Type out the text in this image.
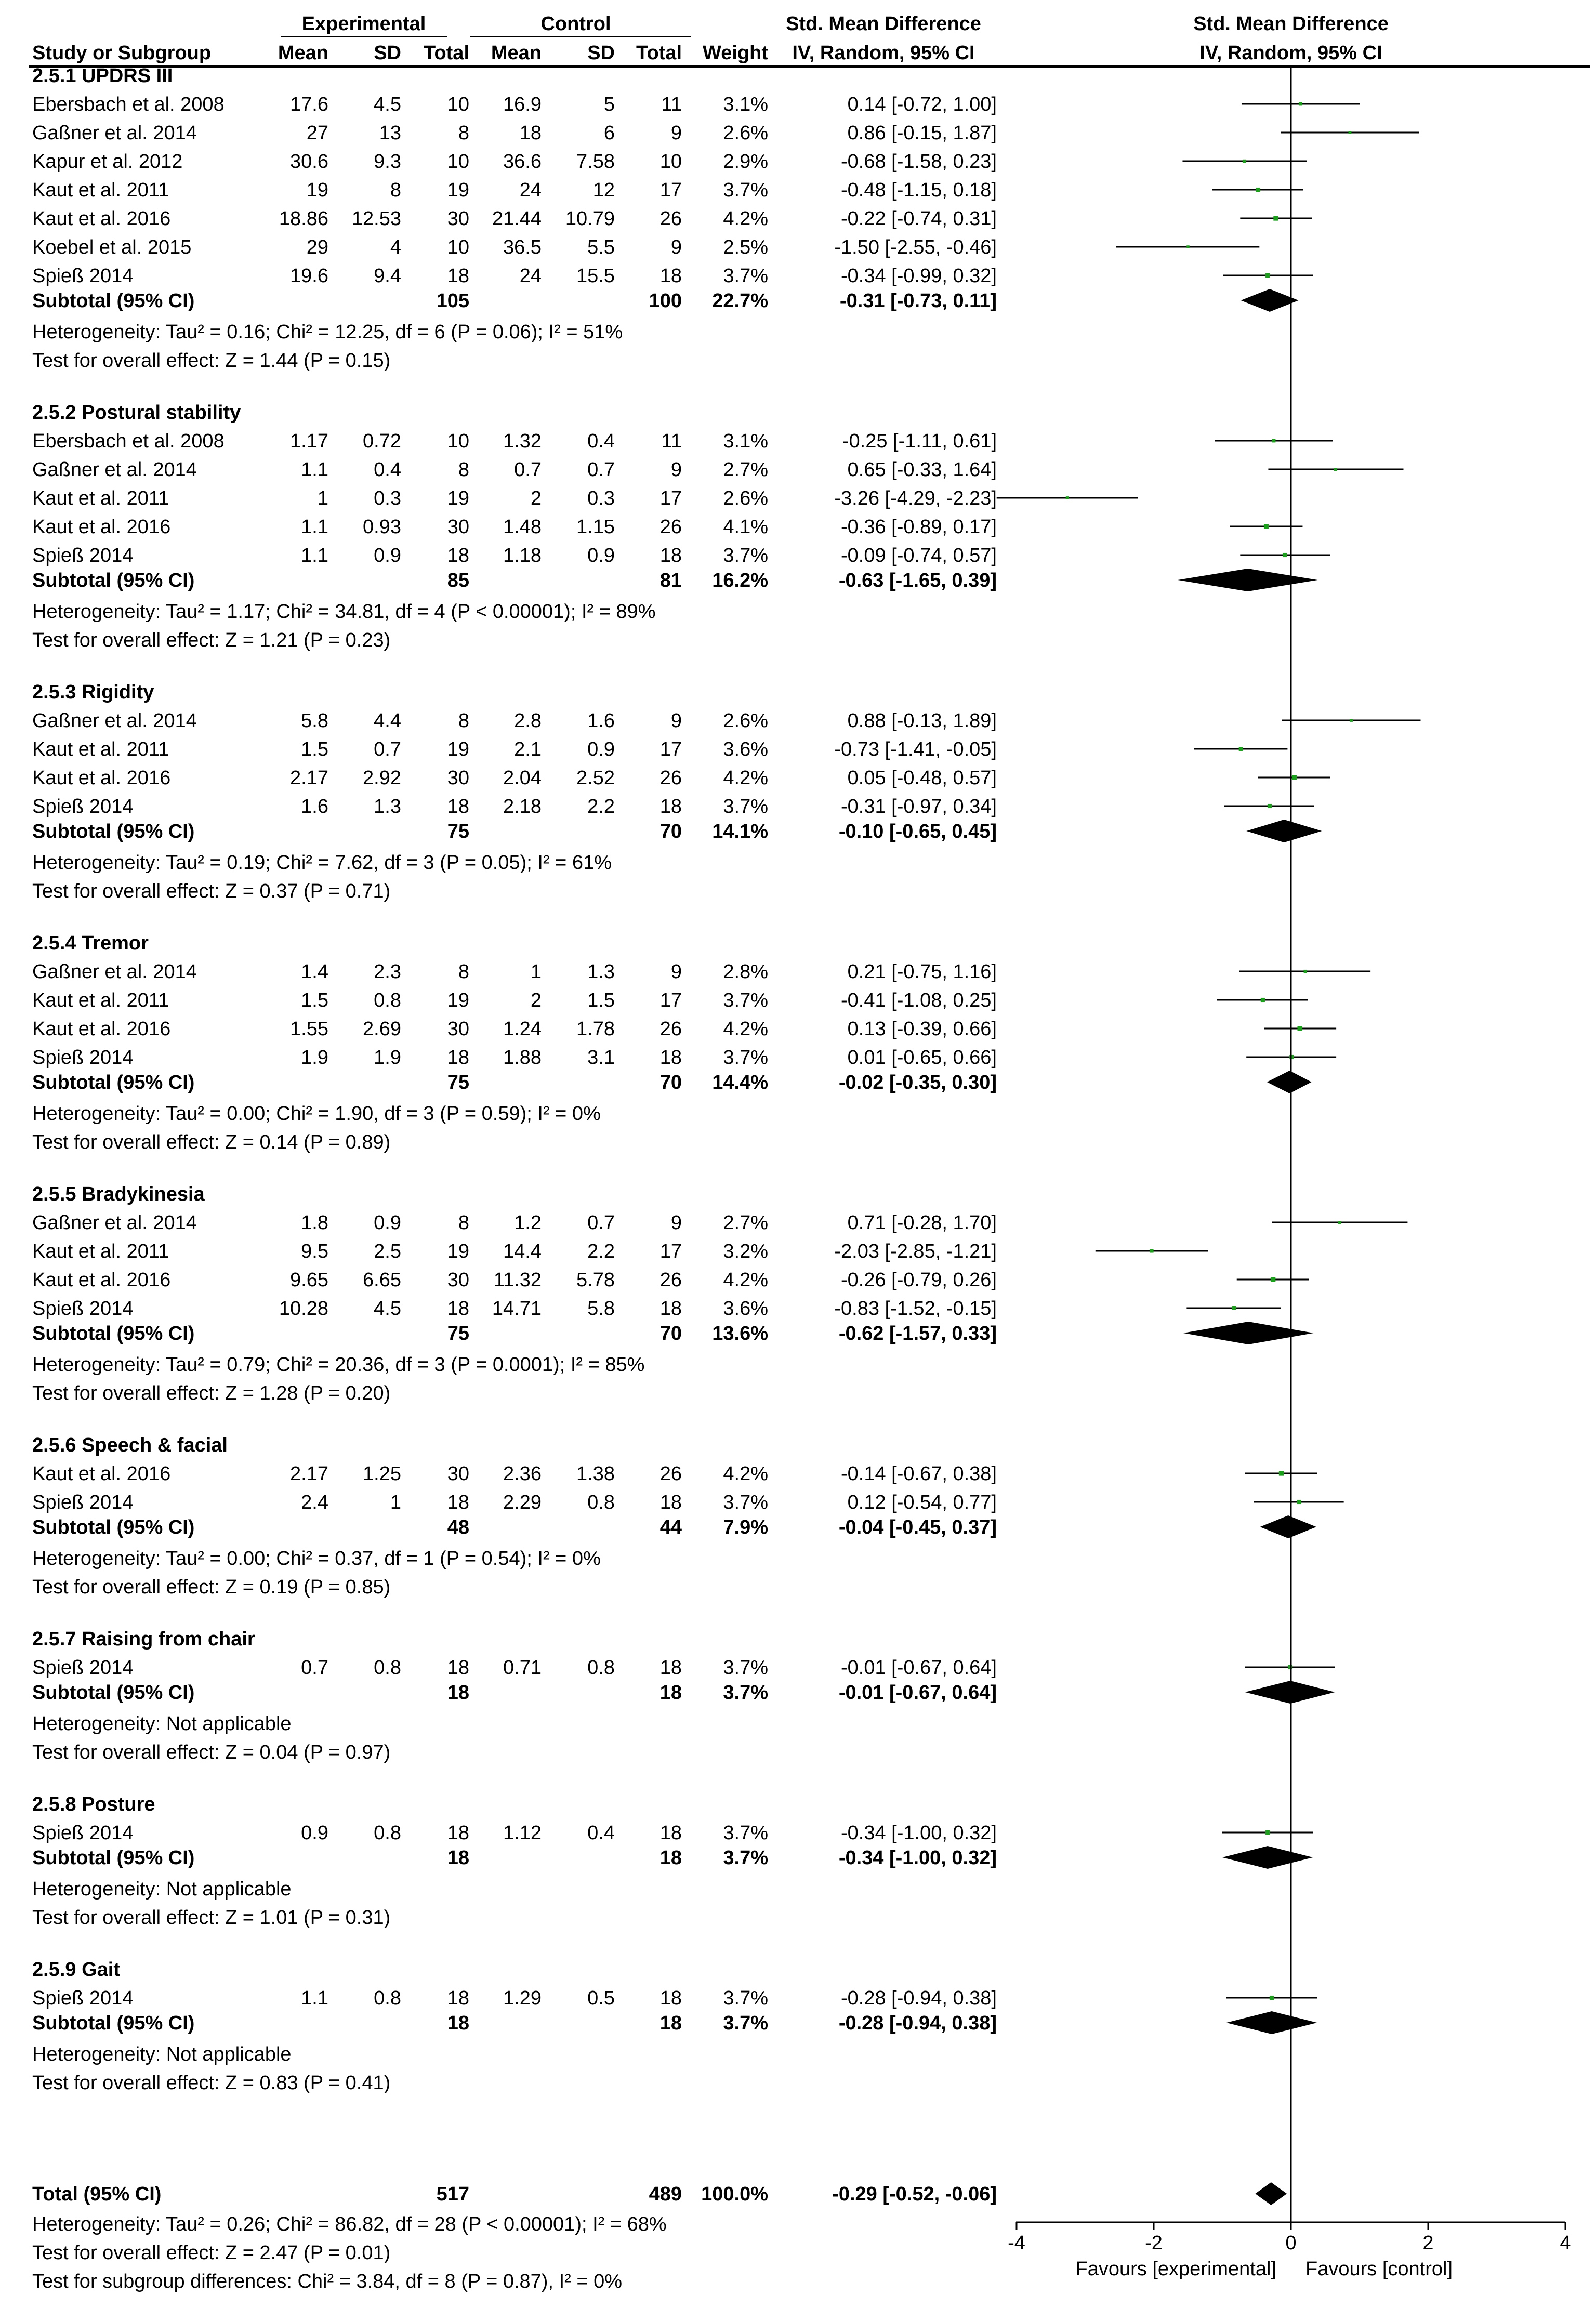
Experimental	Control	Std. Mean Difference	Std. Mean Difference
Study or Subgroup	Mean SD Total Mean SD Total Weight IV, Random, 95% CI	IV, Random, 95% CI
2.5.1 UPDRS III
Ebersbach et al. 2008	17.6 4.5 10 16.9	5 11 3.1%	0.14 [-0.72, 1.00]
Gaßner et al. 2014	27	13	8	18	6	9 2.6%	0.86 [-0.15, 1.87]
Kapur et al. 2012	30.6 9.3 10 36.6 7.58 10 2.9%	-0.68 [-1.58, 0.23]
Kaut et al. 2011	19	8 19	24	12 17 3.7%	-0.48 [-1.15, 0.18]
Kaut et al. 2016	18.86 12.53 30 21.44 10.79 26 4.2%	-0.22 [-0.74, 0.31]
Koebel et al. 2015	29	4 10 36.5 5.5	9 2.5%	-1.50 [-2.55, -0.46]
Spieß 2014	19.6 9.4 18	24 15.5 18 3.7%	-0.34 [-0.99, 0.32]
Subtotal (95% CI)	105	100 22.7%	-0.31 [-0.73, 0.11]
Heterogeneity: Tau² = 0.16; Chi² = 12.25, df = 6 (P = 0.06); I² = 51%
Test for overall effect: Z = 1.44 (P = 0.15)
2.5.2 Postural stability
Ebersbach et al. 2008	1.17 0.72 10 1.32 0.4 11 3.1%	-0.25 [-1.11, 0.61]
Gaßner et al. 2014	1.1 0.4	8 0.7 0.7	9 2.7%	0.65 [-0.33, 1.64]
Kaut et al. 2011	1 0.3 19	2 0.3 17 2.6%	-3.26 [-4.29, -2.23]
Kaut et al. 2016	1.1 0.93 30 1.48 1.15 26 4.1%	-0.36 [-0.89, 0.17]
Spieß 2014	1.1 0.9 18 1.18 0.9 18 3.7%	-0.09 [-0.74, 0.57]
Subtotal (95% CI)	85	81 16.2%	-0.63 [-1.65, 0.39]
Heterogeneity: Tau² = 1.17; Chi² = 34.81, df = 4 (P < 0.00001); I² = 89%
Test for overall effect: Z = 1.21 (P = 0.23)
2.5.3 Rigidity
Gaßner et al. 2014	5.8 4.4	8 2.8 1.6	9 2.6%	0.88 [-0.13, 1.89]
Kaut et al. 2011	1.5 0.7 19 2.1 0.9 17 3.6%	-0.73 [-1.41, -0.05]
Kaut et al. 2016	2.17 2.92 30 2.04 2.52 26 4.2%	0.05 [-0.48, 0.57]
Spieß 2014	1.6 1.3 18 2.18 2.2 18 3.7%	-0.31 [-0.97, 0.34]
Subtotal (95% CI)	75	70 14.1%	-0.10 [-0.65, 0.45]
Heterogeneity: Tau² = 0.19; Chi² = 7.62, df = 3 (P = 0.05); I² = 61%
Test for overall effect: Z = 0.37 (P = 0.71)
2.5.4 Tremor
Gaßner et al. 2014	1.4 2.3	8	1 1.3	9 2.8%	0.21 [-0.75, 1.16]
Kaut et al. 2011	1.5 0.8 19	2 1.5 17 3.7%	-0.41 [-1.08, 0.25]
Kaut et al. 2016	1.55 2.69 30 1.24 1.78 26 4.2%	0.13 [-0.39, 0.66]
Spieß 2014	1.9 1.9 18 1.88 3.1 18 3.7%	0.01 [-0.65, 0.66]
Subtotal (95% CI)	75	70 14.4%	-0.02 [-0.35, 0.30]
Heterogeneity: Tau² = 0.00; Chi² = 1.90, df = 3 (P = 0.59); I² = 0%
Test for overall effect: Z = 0.14 (P = 0.89)
2.5.5 Bradykinesia
Gaßner et al. 2014	1.8 0.9	8 1.2 0.7	9 2.7%	0.71 [-0.28, 1.70]
Kaut et al. 2011	9.5 2.5 19 14.4 2.2 17 3.2%	-2.03 [-2.85, -1.21]
Kaut et al. 2016	9.65 6.65 30 11.32 5.78 26 4.2%	-0.26 [-0.79, 0.26]
Spieß 2014	10.28 4.5 18 14.71 5.8 18 3.6%	-0.83 [-1.52, -0.15]
Subtotal (95% CI)	75	70 13.6%	-0.62 [-1.57, 0.33]
Heterogeneity: Tau² = 0.79; Chi² = 20.36, df = 3 (P = 0.0001); I² = 85%
Test for overall effect: Z = 1.28 (P = 0.20)
2.5.6 Speech & facial
Kaut et al. 2016	2.17 1.25 30 2.36 1.38 26 4.2%	-0.14 [-0.67, 0.38]
Spieß 2014	2.4	1 18 2.29 0.8 18 3.7%	0.12 [-0.54, 0.77]
Subtotal (95% CI)	48	44 7.9%	-0.04 [-0.45, 0.37]
Heterogeneity: Tau² = 0.00; Chi² = 0.37, df = 1 (P = 0.54); I² = 0%
Test for overall effect: Z = 0.19 (P = 0.85)
2.5.7 Raising from chair
Spieß 2014	0.7 0.8 18 0.71 0.8 18 3.7%	-0.01 [-0.67, 0.64]
Subtotal (95% CI)	18	18 3.7%	-0.01 [-0.67, 0.64]
Heterogeneity: Not applicable
Test for overall effect: Z = 0.04 (P = 0.97)
2.5.8 Posture
Spieß 2014	0.9 0.8 18 1.12 0.4 18 3.7%	-0.34 [-1.00, 0.32]
Subtotal (95% CI)	18	18 3.7%	-0.34 [-1.00, 0.32]
Heterogeneity: Not applicable
Test for overall effect: Z = 1.01 (P = 0.31)
2.5.9 Gait
Spieß 2014	1.1 0.8 18 1.29 0.5 18 3.7%	-0.28 [-0.94, 0.38]
Subtotal (95% CI)	18	18 3.7%	-0.28 [-0.94, 0.38]
Heterogeneity: Not applicable
Test for overall effect: Z = 0.83 (P = 0.41)
Total (95% CI)	517	489 100.0%	-0.29 [-0.52, -0.06]
Heterogeneity: Tau² = 0.26; Chi² = 86.82, df = 28 (P < 0.00001); I² = 68%
Test for overall effect: Z = 2.47 (P = 0.01)
Test for subgroup differences: Chi² = 3.84, df = 8 (P = 0.87), I² = 0%
-4	-2	0	2	4
Favours [experimental] Favours [control]
